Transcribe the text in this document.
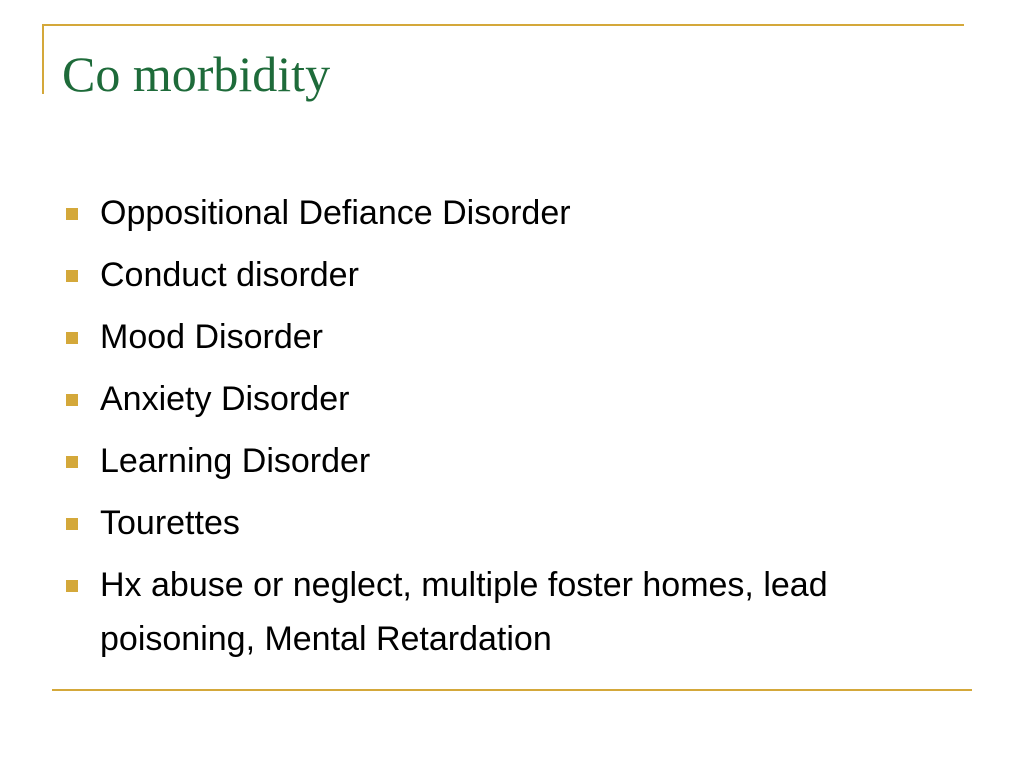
Co morbidity
Oppositional Defiance Disorder
Conduct disorder
Mood Disorder
Anxiety Disorder
Learning Disorder
Tourettes
Hx abuse or neglect, multiple foster homes, lead poisoning, Mental Retardation
